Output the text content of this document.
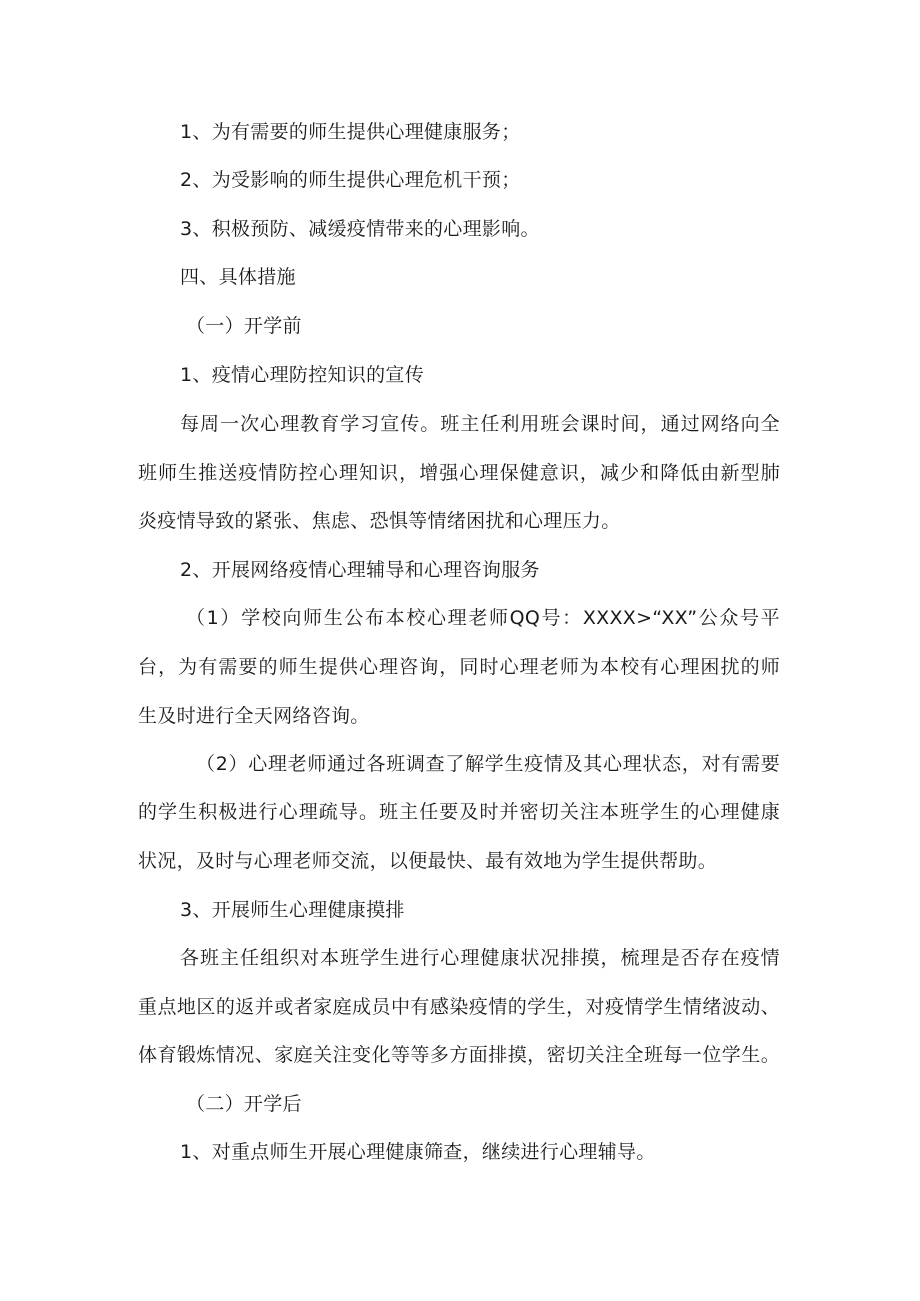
1、为有需要的师生提供心理健康服务；
2、为受影响的师生提供心理危机干预；
3、积极预防、减缓疫情带来的心理影响。
四、具体措施
（一）开学前
1、疫情心理防控知识的宣传
每周一次心理教育学习宣传。班主任利用班会课时间，通过网络向全
班师生推送疫情防控心理知识，增强心理保健意识，减少和降低由新型肺
炎疫情导致的紧张、焦虑、恐惧等情绪困扰和心理压力。
2、开展网络疫情心理辅导和心理咨询服务
（1）学校向师生公布本校心理老师QQ号：XXXX>“XX”公众号平
台，为有需要的师生提供心理咨询，同时心理老师为本校有心理困扰的师
生及时进行全天网络咨询。
（2）心理老师通过各班调查了解学生疫情及其心理状态，对有需要
的学生积极进行心理疏导。班主任要及时并密切关注本班学生的心理健康
状况，及时与心理老师交流，以便最快、最有效地为学生提供帮助。
3、开展师生心理健康摸排
各班主任组织对本班学生进行心理健康状况排摸，梳理是否存在疫情
重点地区的返并或者家庭成员中有感染疫情的学生，对疫情学生情绪波动、
体育锻炼情况、家庭关注变化等等多方面排摸，密切关注全班每一位学生。
（二）开学后
1、对重点师生开展心理健康筛查，继续进行心理辅导。
